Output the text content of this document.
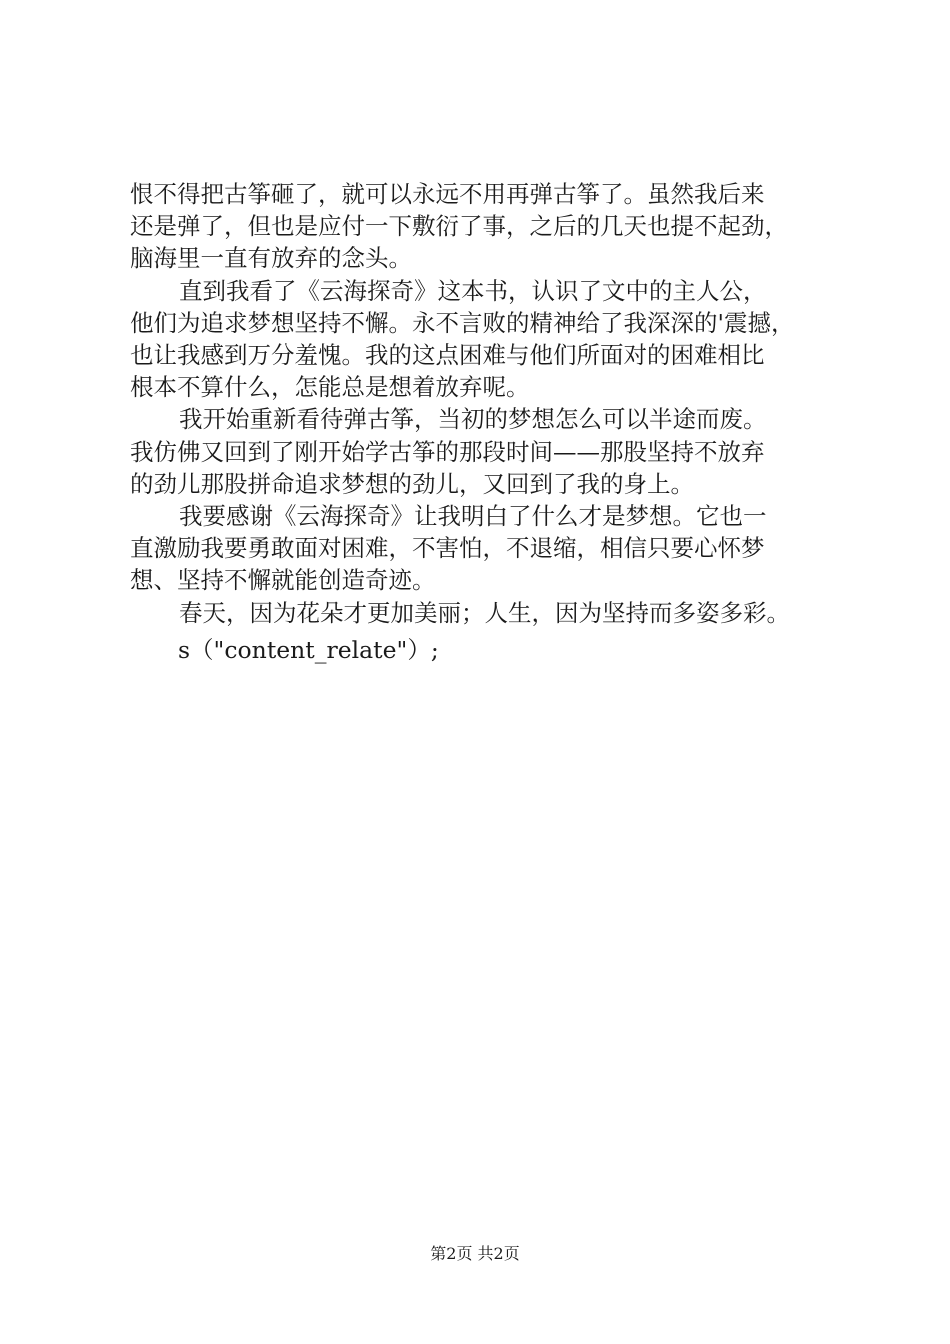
恨不得把古筝砸了，就可以永远不用再弹古筝了。虽然我后来
还是弹了，但也是应付一下敷衍了事，之后的几天也提不起劲，
脑海里一直有放弃的念头。

直到我看了《云海探奇》这本书，认识了文中的主人公，
他们为追求梦想坚持不懈。永不言败的精神给了我深深的'震撼，
也让我感到万分羞愧。我的这点困难与他们所面对的困难相比
根本不算什么，怎能总是想着放弃呢。

我开始重新看待弹古筝，当初的梦想怎么可以半途而废。
我仿佛又回到了刚开始学古筝的那段时间——那股坚持不放弃
的劲儿那股拼命追求梦想的劲儿，又回到了我的身上。

我要感谢《云海探奇》让我明白了什么才是梦想。它也一
直激励我要勇敢面对困难，不害怕，不退缩，相信只要心怀梦
想、坚持不懈就能创造奇迹。

春天，因为花朵才更加美丽；人生，因为坚持而多姿多彩。

s（"content_relate"）;
第2页 共2页
